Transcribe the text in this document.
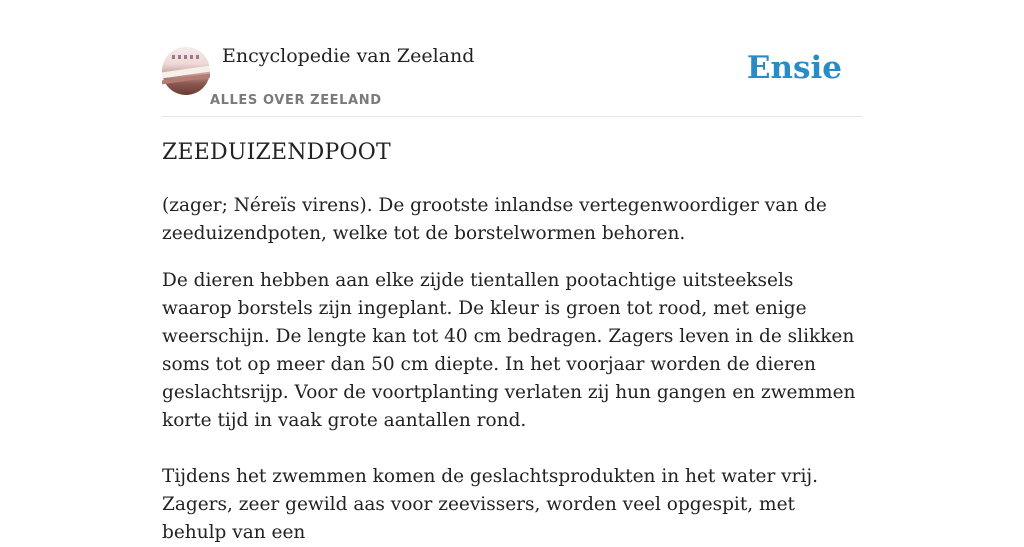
Encyclopedie van Zeeland
ALLES OVER ZEELAND
Ensie
ZEEDUIZENDPOOT

(zager; Néreïs virens). De grootste inlandse vertegenwoordiger van de zeeduizendpoten, welke tot de borstelwormen behoren.

De dieren hebben aan elke zijde tientallen pootachtige uitsteeksels waarop borstels zijn ingeplant. De kleur is groen tot rood, met enige weerschijn. De lengte kan tot 40 cm bedragen. Zagers leven in de slikken soms tot op meer dan 50 cm diepte. In het voorjaar worden de dieren geslachtsrijp. Voor de voortplanting verlaten zij hun gangen en zwemmen korte tijd in vaak grote aantallen rond.

Tijdens het zwemmen komen de geslachtsprodukten in het water vrij. Zagers, zeer gewild aas voor zeevissers, worden veel opgespit, met behulp van een
